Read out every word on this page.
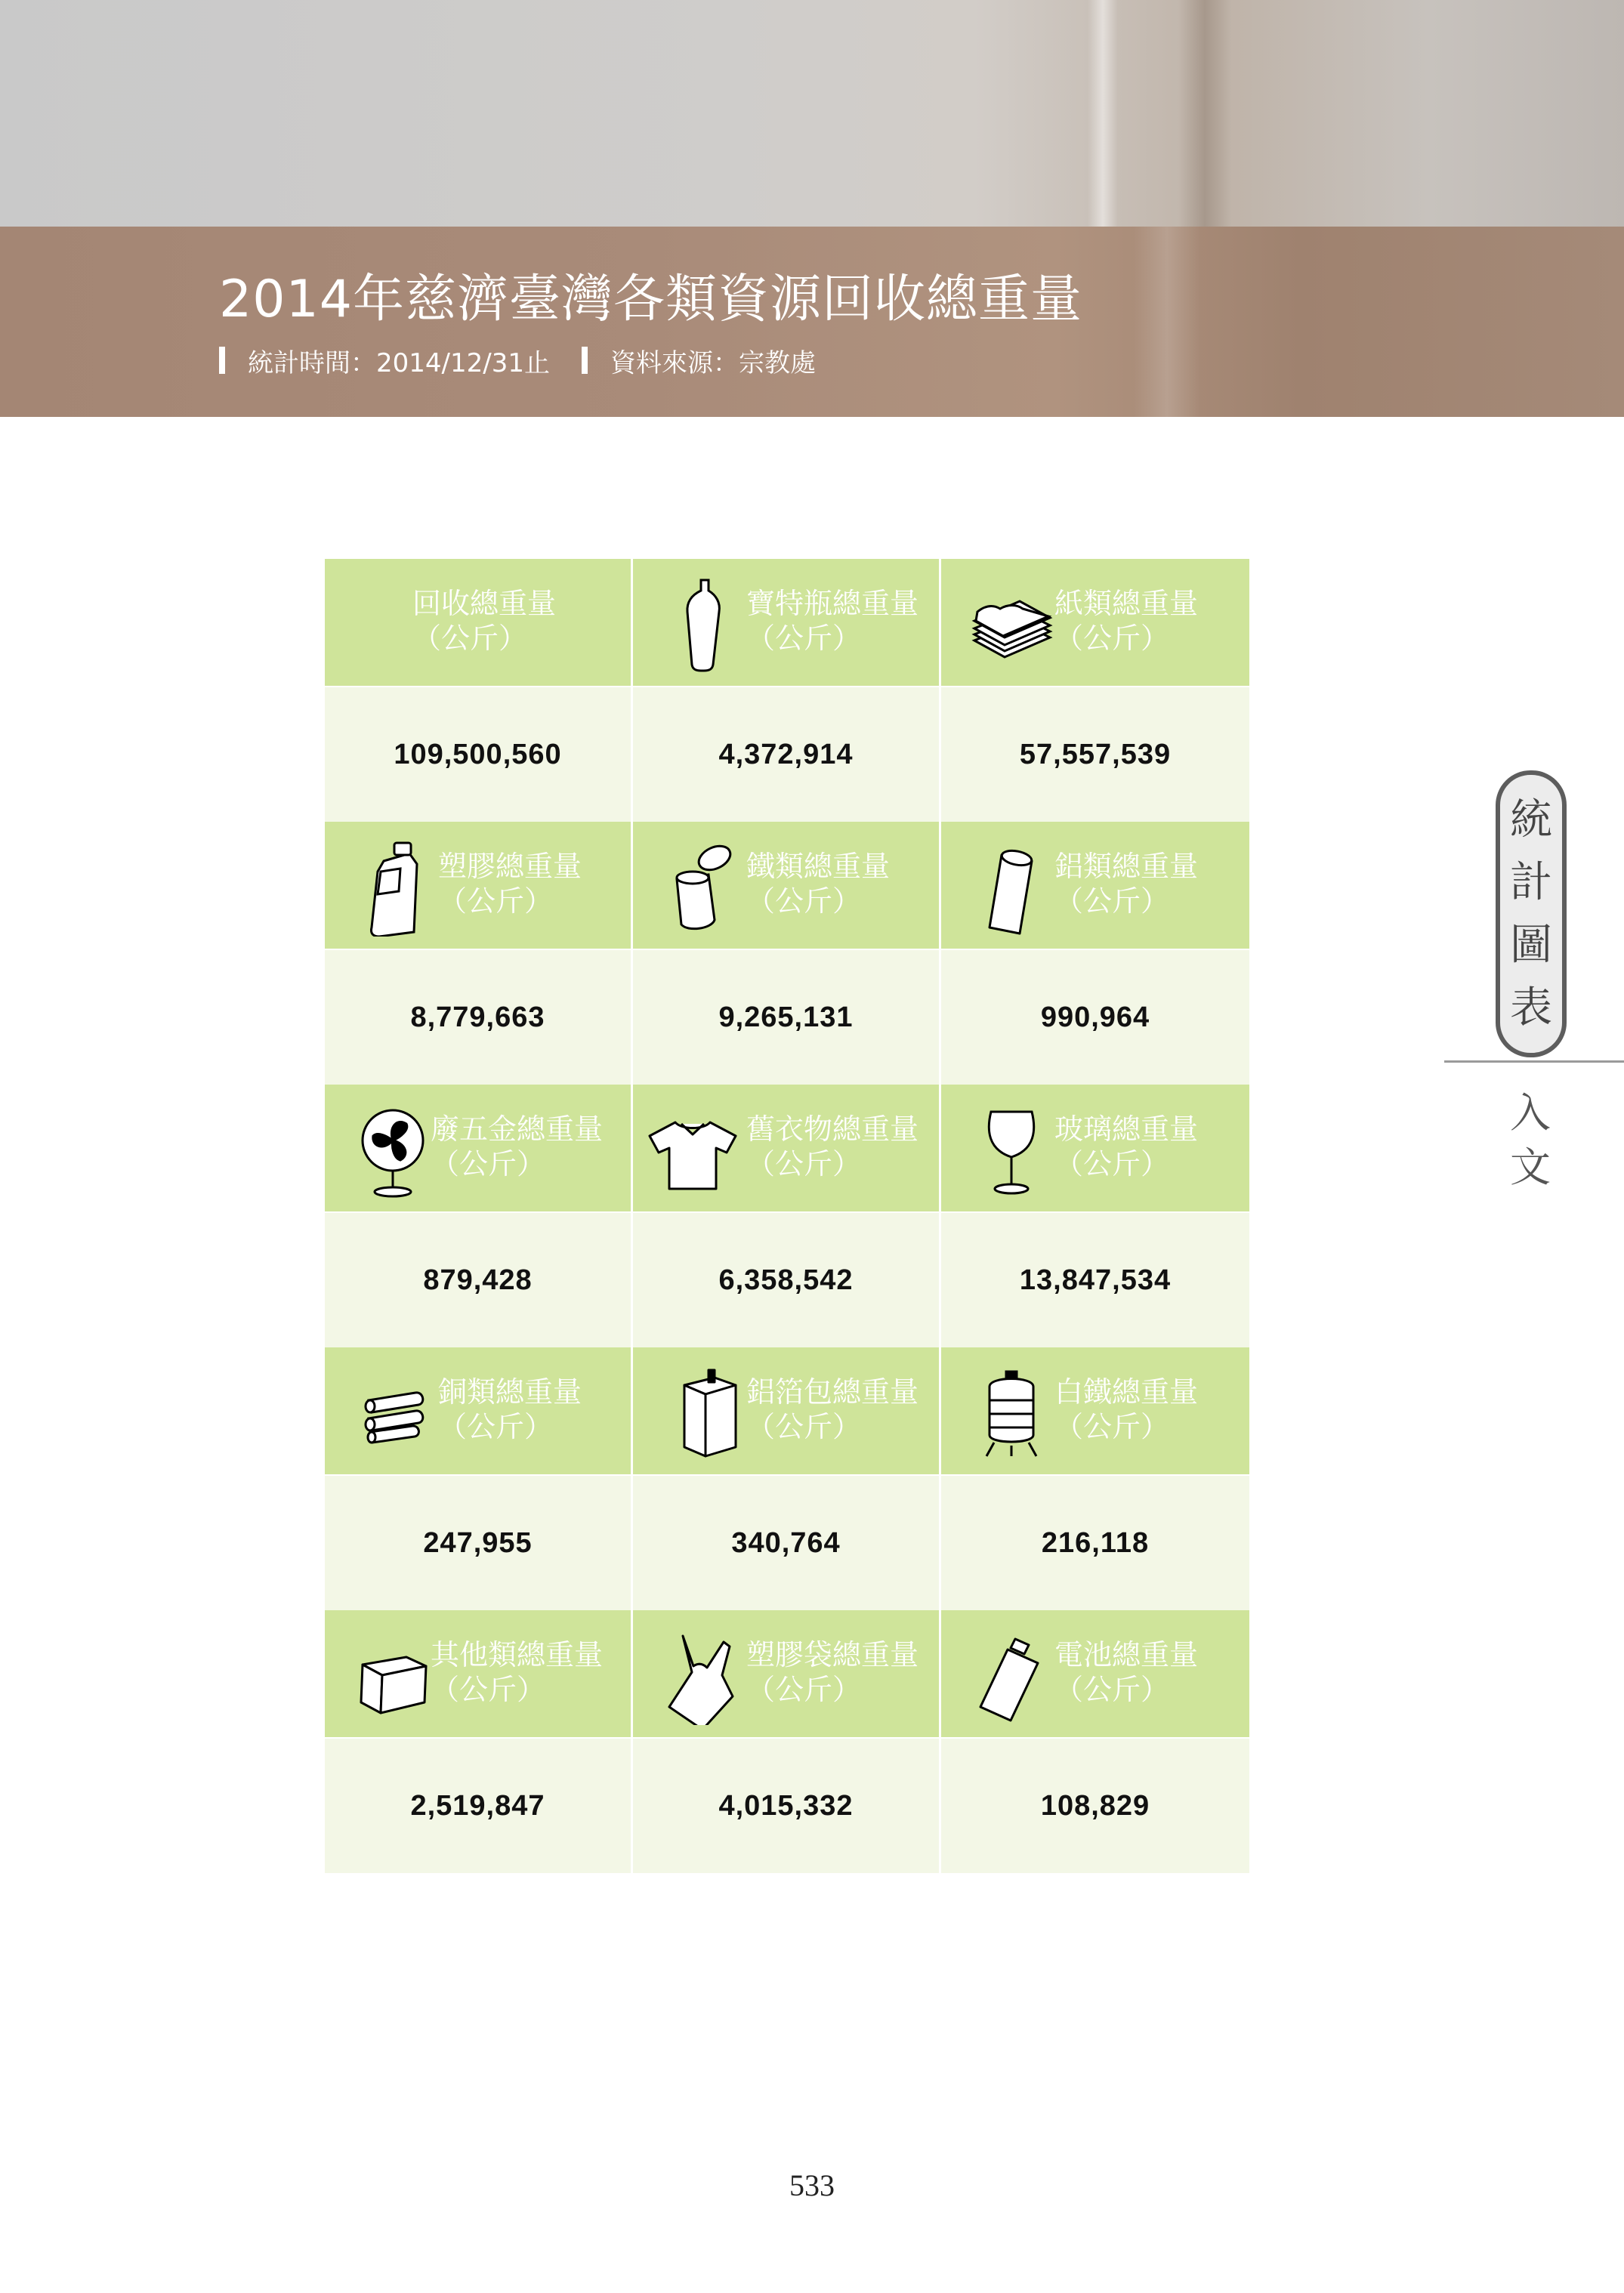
2014年慈濟臺灣各類資源回收總重量
統計時間：2014/12/31止 資料來源：宗教處
回收總重量
（公斤）
寶特瓶總重量
（公斤）
紙類總重量
（公斤）
109,500,560	4,372,914	57,557,539
塑膠總重量
（公斤）
鐵類總重量
（公斤）
鋁類總重量
（公斤）
8,779,663	9,265,131	990,964
廢五金總重量
（公斤）
舊衣物總重量
（公斤）
玻璃總重量
（公斤）
879,428	6,358,542	13,847,534
銅類總重量
（公斤）
鋁箔包總重量
（公斤）
白鐵總重量
（公斤）
247,955	340,764	216,118
其他類總重量
（公斤）
塑膠袋總重量
（公斤）
電池總重量
（公斤）
2,519,847	4,015,332	108,829
統
計
圖
表
入
文
533
